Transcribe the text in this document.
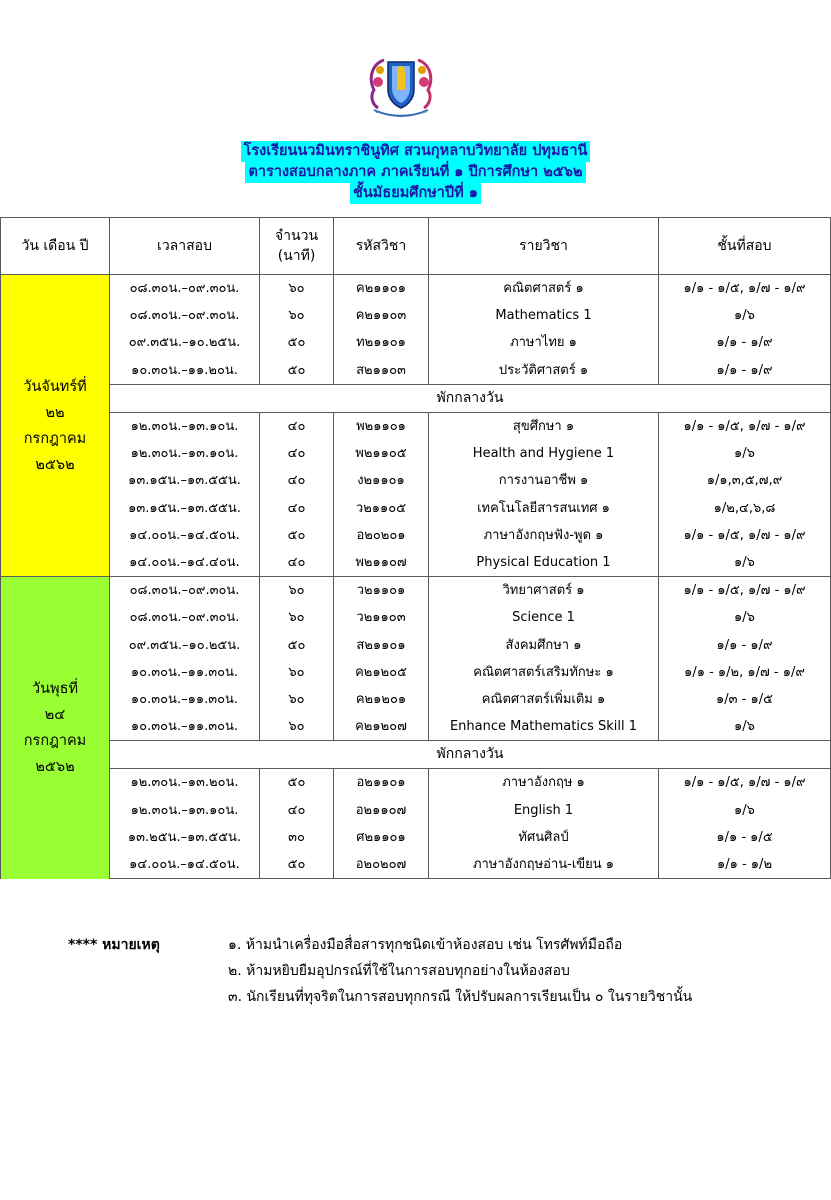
โรงเรียนนวมินทราชินูทิศ สวนกุหลาบวิทยาลัย ปทุมธานี
ตารางสอบกลางภาค ภาคเรียนที่ ๑ ปีการศึกษา ๒๕๖๒
ชั้นมัธยมศึกษาปีที่ ๑
วัน เดือน ปี	เวลาสอบ	จำนวน
(นาที)	รหัสวิชา	รายวิชา	ชั้นที่สอบ

วันจันทร์ที่
๒๒
กรกฎาคม
๒๕๖๒	๐๘.๓๐น.–๐๙.๓๐น.	๖๐	ค๒๑๑๐๑	คณิตศาสตร์ ๑	๑/๑ - ๑/๕, ๑/๗ - ๑/๙
	๐๘.๓๐น.–๐๙.๓๐น.	๖๐	ค๒๑๑๐๓	Mathematics 1	๑/๖
	๐๙.๓๕น.–๑๐.๒๕น.	๕๐	ท๒๑๑๐๑	ภาษาไทย ๑	๑/๑ - ๑/๙
	๑๐.๓๐น.–๑๑.๒๐น.	๕๐	ส๒๑๑๐๓	ประวัติศาสตร์ ๑	๑/๑ - ๑/๙
	พักกลางวัน				
	๑๒.๓๐น.–๑๓.๑๐น.	๔๐	พ๒๑๑๐๑	สุขศึกษา ๑	๑/๑ - ๑/๕, ๑/๗ - ๑/๙
	๑๒.๓๐น.–๑๓.๑๐น.	๔๐	พ๒๑๑๐๕	Health and Hygiene 1	๑/๖
	๑๓.๑๕น.–๑๓.๕๕น.	๔๐	ง๒๑๑๐๑	การงานอาชีพ ๑	๑/๑,๓,๕,๗,๙
	๑๓.๑๕น.–๑๓.๕๕น.	๔๐	ว๒๑๑๐๕	เทคโนโลยีสารสนเทศ ๑	๑/๒,๔,๖,๘
	๑๔.๐๐น.–๑๔.๕๐น.	๕๐	อ๒๐๒๐๑	ภาษาอังกฤษฟัง-พูด ๑	๑/๑ - ๑/๕, ๑/๗ - ๑/๙
	๑๔.๐๐น.–๑๔.๔๐น.	๔๐	พ๒๑๑๐๗	Physical Education 1	๑/๖

วันพุธที่
๒๔
กรกฎาคม
๒๕๖๒	๐๘.๓๐น.–๐๙.๓๐น.	๖๐	ว๒๑๑๐๑	วิทยาศาสตร์ ๑	๑/๑ - ๑/๕, ๑/๗ - ๑/๙
	๐๘.๓๐น.–๐๙.๓๐น.	๖๐	ว๒๑๑๐๓	Science 1	๑/๖
	๐๙.๓๕น.–๑๐.๒๕น.	๕๐	ส๒๑๑๐๑	สังคมศึกษา ๑	๑/๑ - ๑/๙
	๑๐.๓๐น.–๑๑.๓๐น.	๖๐	ค๒๑๒๐๕	คณิตศาสตร์เสริมทักษะ ๑	๑/๑ - ๑/๒, ๑/๗ - ๑/๙
	๑๐.๓๐น.–๑๑.๓๐น.	๖๐	ค๒๑๒๐๑	คณิตศาสตร์เพิ่มเติม ๑	๑/๓ - ๑/๕
	๑๐.๓๐น.–๑๑.๓๐น.	๖๐	ค๒๑๒๐๗	Enhance Mathematics Skill 1	๑/๖
	พักกลางวัน				
	๑๒.๓๐น.–๑๓.๒๐น.	๕๐	อ๒๑๑๐๑	ภาษาอังกฤษ ๑	๑/๑ - ๑/๕, ๑/๗ - ๑/๙
	๑๒.๓๐น.–๑๓.๑๐น.	๔๐	อ๒๑๑๐๗	English 1	๑/๖
	๑๓.๒๕น.–๑๓.๕๕น.	๓๐	ศ๒๑๑๐๑	ทัศนศิลป์	๑/๑ - ๑/๕
	๑๔.๐๐น.–๑๔.๕๐น.	๕๐	อ๒๐๒๐๗	ภาษาอังกฤษอ่าน-เขียน ๑	๑/๑ - ๑/๒
**** หมายเหตุ	๑. ห้ามนำเครื่องมือสื่อสารทุกชนิดเข้าห้องสอบ เช่น โทรศัพท์มือถือ
๒. ห้ามหยิบยืมอุปกรณ์ที่ใช้ในการสอบทุกอย่างในห้องสอบ
๓. นักเรียนที่ทุจริตในการสอบทุกกรณี ให้ปรับผลการเรียนเป็น ๐ ในรายวิชานั้น
